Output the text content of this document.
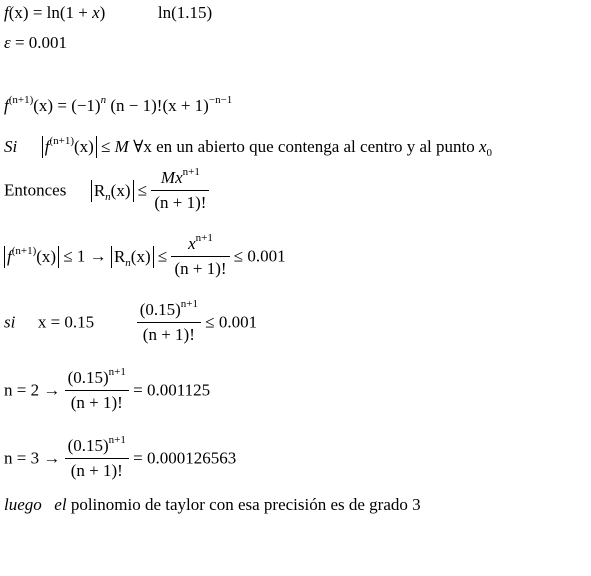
f(x) = ln(1 + x)	ln(1.15)
ε = 0.001
$f^{(n+1)}(x) = (-1)^n$ $(n - 1)!(x + 1)^{-n-1}$
Si $f^{(n+1)}(x) \le M$ ∀x en un abierto que contenga al centro y al punto $x_0$
Entonces $R_n(x) \le \frac{Mx^{n+1}}{(n + 1)!}$
$f^{(n+1)}(x) \le 1 \to R_n(x) \le \frac{x^{n+1}}{(n + 1)!} \le 0.001$
si x = 0.15	$\frac{(0.15)^{n+1}}{(n + 1)!} \le 0.001$
$n = 2 \to \frac{(0.15)^{n+1}}{(n + 1)!} = 0.001125$
$n = 3 \to \frac{(0.15)^{n+1}}{(n + 1)!} = 0.000126563$
luego el polinomio de taylor con esa precisión es de grado 3
